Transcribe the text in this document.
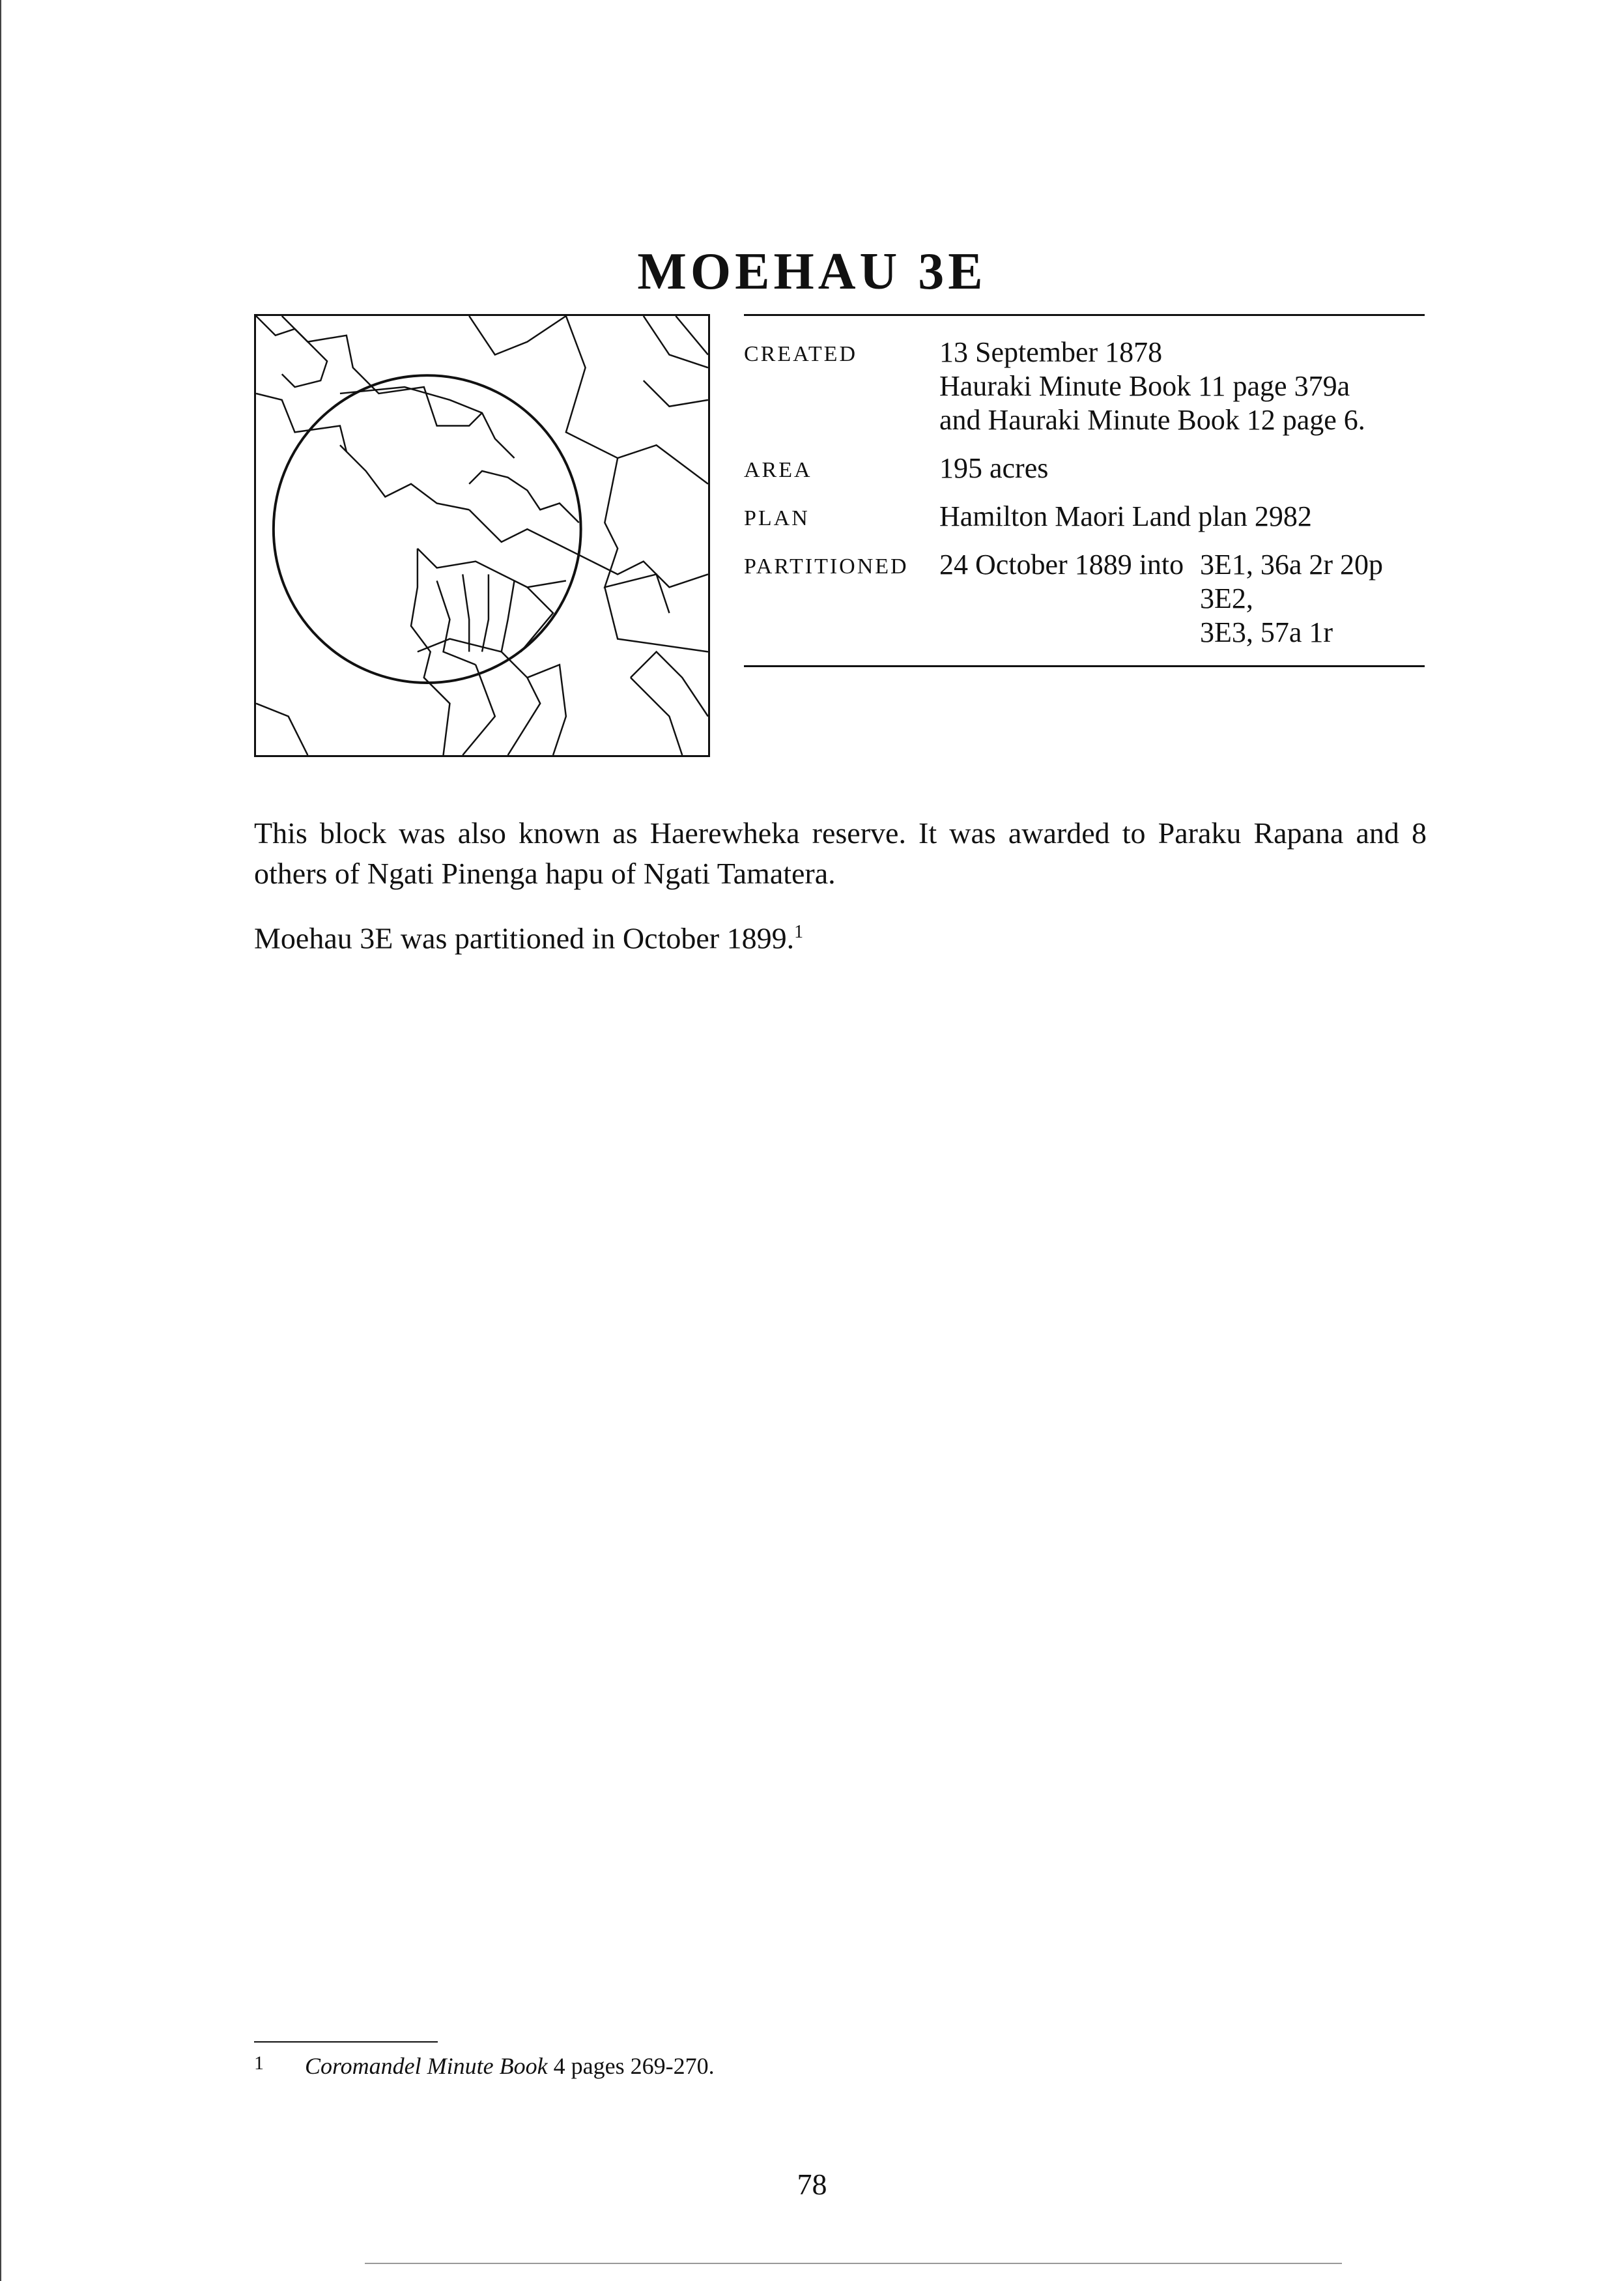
MOEHAU 3E
CREATED	13 September 1878
Hauraki Minute Book 11 page 379a
and Hauraki Minute Book 12 page 6.
AREA	195 acres
PLAN	Hamilton Maori Land plan 2982
PARTITIONED	24 October 1889 into 3E1, 36a 2r 20p
3E2,
3E3, 57a 1r

This block was also known as Haerewheka reserve. It was awarded to Paraku Rapana and 8 others of Ngati Pinenga hapu of Ngati Tamatera.

Moehau 3E was partitioned in October 1899.$^1$

1	Coromandel Minute Book 4 pages 269-270.
78
